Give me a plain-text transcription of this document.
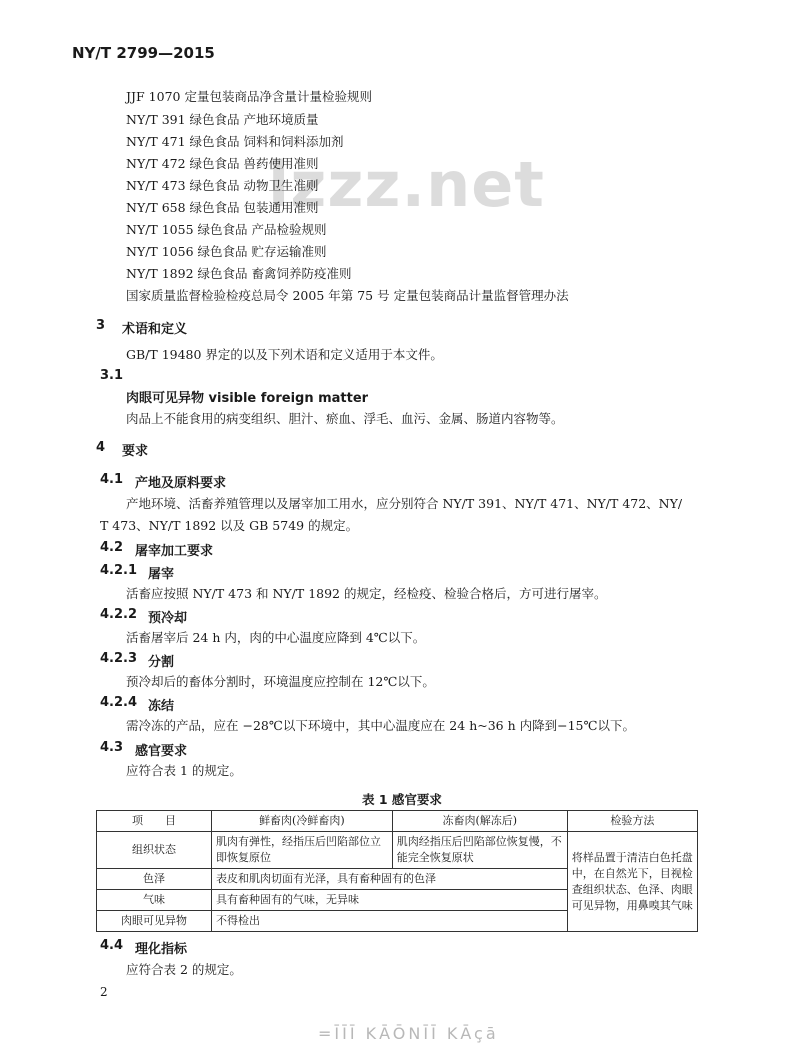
NY/T 2799—2015
lzzz.net
JJF 1070 定量包装商品净含量计量检验规则
NY/T 391 绿色食品 产地环境质量
NY/T 471 绿色食品 饲料和饲料添加剂
NY/T 472 绿色食品 兽药使用准则
NY/T 473 绿色食品 动物卫生准则
NY/T 658 绿色食品 包装通用准则
NY/T 1055 绿色食品 产品检验规则
NY/T 1056 绿色食品 贮存运输准则
NY/T 1892 绿色食品 畜禽饲养防疫准则
国家质量监督检验检疫总局令 2005 年第 75 号 定量包装商品计量监督管理办法
3 术语和定义
GB/T 19480 界定的以及下列术语和定义适用于本文件。
3.1
肉眼可见异物 visible foreign matter
肉品上不能食用的病变组织、胆汁、瘀血、浮毛、血污、金属、肠道内容物等。
4 要求
4.1 产地及原料要求
产地环境、活畜养殖管理以及屠宰加工用水，应分别符合 NY/T 391、NY/T 471、NY/T 472、NY/
T 473、NY/T 1892 以及 GB 5749 的规定。
4.2 屠宰加工要求
4.2.1 屠宰
活畜应按照 NY/T 473 和 NY/T 1892 的规定，经检疫、检验合格后，方可进行屠宰。
4.2.2 预冷却
活畜屠宰后 24 h 内，肉的中心温度应降到 4℃以下。
4.2.3 分割
预冷却后的畜体分割时，环境温度应控制在 12℃以下。
4.2.4 冻结
需冷冻的产品，应在 −28℃以下环境中，其中心温度应在 24 h~36 h 内降到−15℃以下。
4.3 感官要求
应符合表 1 的规定。
表 1 感官要求
项　　目	鲜畜肉(冷鲜畜肉)	冻畜肉(解冻后)	检验方法
组织状态	肌肉有弹性，经指压后凹陷部位立即恢复原位	肌肉经指压后凹陷部位恢复慢，不能完全恢复原状	将样品置于清洁白色托盘中，在自然光下，目视检查组织状态、色泽、肉眼可见异物，用鼻嗅其气味
色泽	表皮和肌肉切面有光泽，具有畜种固有的色泽		
气味	具有畜种固有的气味，无异味		
肉眼可见异物	不得检出		
4.4 理化指标
应符合表 2 的规定。
2
=ĪĪĪ KĀŌNĪĪ KĀçā
